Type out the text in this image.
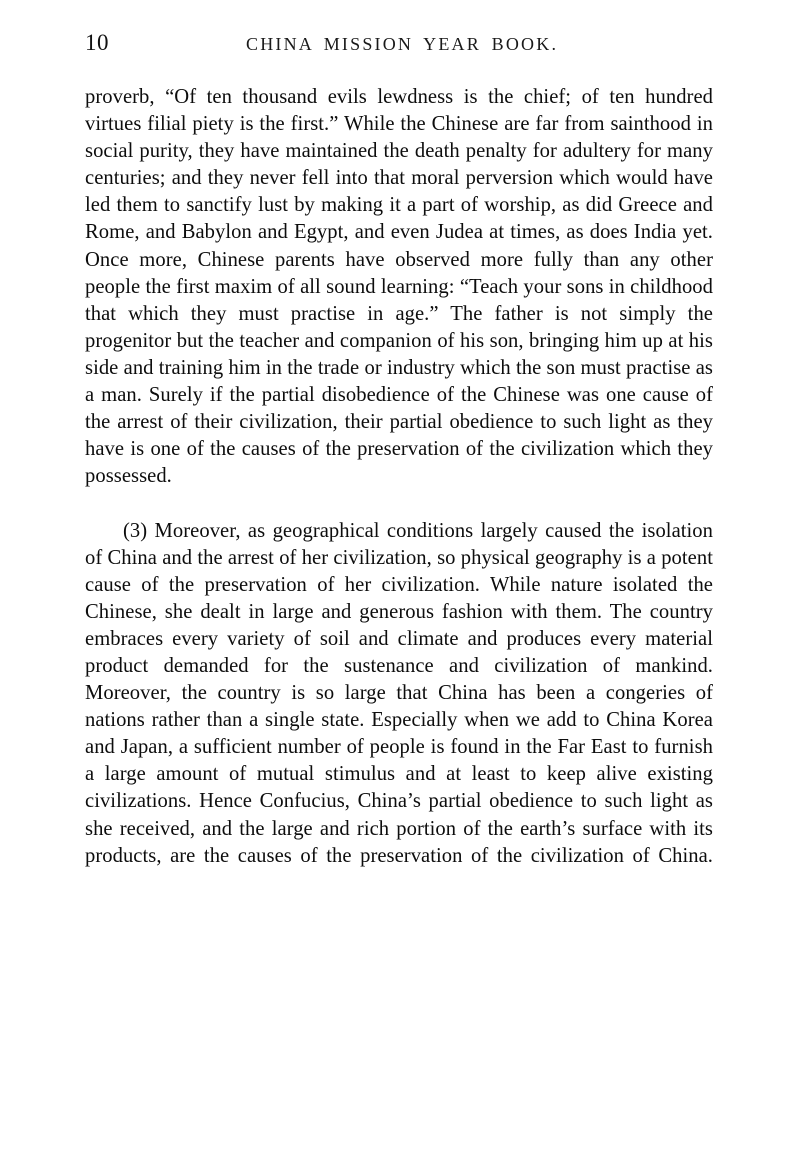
10	CHINA MISSION YEAR BOOK.

proverb, “Of ten thousand evils lewdness is the chief; of ten hundred virtues filial piety is the first.” While the Chinese are far from sainthood in social purity, they have maintained the death penalty for adultery for many centuries; and they never fell into that moral perversion which would have led them to sanctify lust by making it a part of worship, as did Greece and Rome, and Babylon and Egypt, and even Judea at times, as does India yet. Once more, Chinese parents have observed more fully than any other people the first maxim of all sound learning: “Teach your sons in childhood that which they must practise in age.” The father is not simply the progenitor but the teacher and companion of his son, bringing him up at his side and training him in the trade or industry which the son must practise as a man. Surely if the partial disobedience of the Chinese was one cause of the arrest of their civilization, their partial obedience to such light as they have is one of the causes of the preservation of the civilization which they possessed.

(3) Moreover, as geographical conditions largely caused the isolation of China and the arrest of her civilization, so physical geography is a potent cause of the preservation of her civilization. While nature isolated the Chinese, she dealt in large and generous fashion with them. The country embraces every variety of soil and climate and produces every material product demanded for the sustenance and civilization of mankind. Moreover, the country is so large that China has been a congeries of nations rather than a single state. Especially when we add to China Korea and Japan, a sufficient number of people is found in the Far East to furnish a large amount of mutual stimulus and at least to keep alive existing civilizations. Hence Confucius, China’s partial obedience to such light as she received, and the large and rich portion of the earth’s surface with its products, are the causes of the preservation of the civilization of China.
